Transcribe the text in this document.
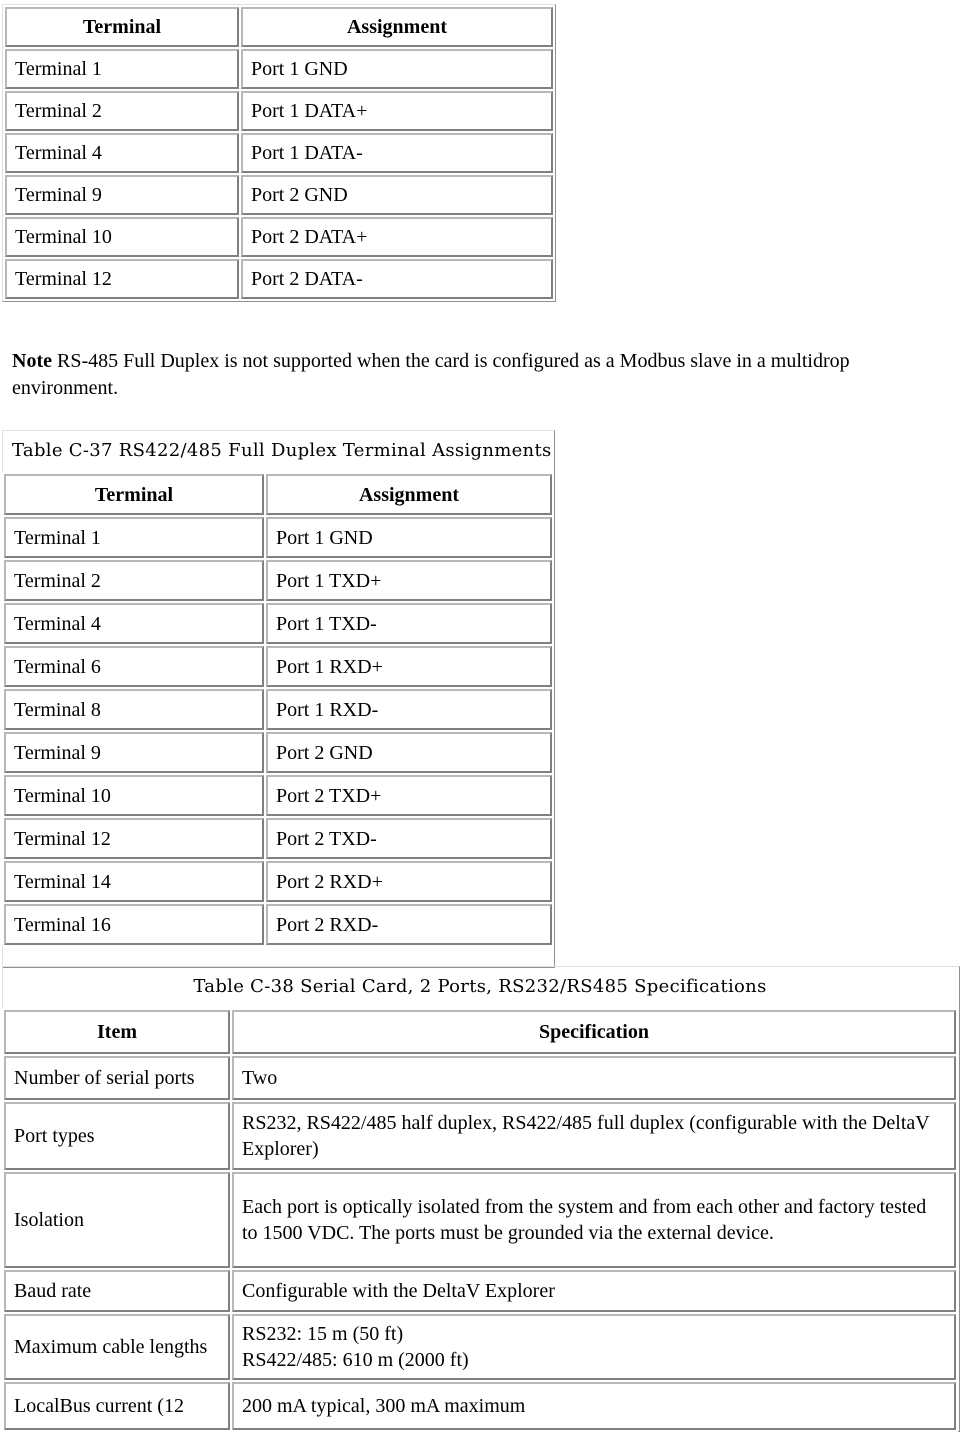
Terminal	Assignment
Terminal 1	Port 1 GND
Terminal 2	Port 1 DATA+
Terminal 4	Port 1 DATA-
Terminal 9	Port 2 GND
Terminal 10	Port 2 DATA+
Terminal 12	Port 2 DATA-
Note RS-485 Full Duplex is not supported when the card is configured as a Modbus slave in a multidrop environment.
Table C-37 RS422/485 Full Duplex Terminal Assignments
Terminal	Assignment
Terminal 1	Port 1 GND
Terminal 2	Port 1 TXD+
Terminal 4	Port 1 TXD-
Terminal 6	Port 1 RXD+
Terminal 8	Port 1 RXD-
Terminal 9	Port 2 GND
Terminal 10	Port 2 TXD+
Terminal 12	Port 2 TXD-
Terminal 14	Port 2 RXD+
Terminal 16	Port 2 RXD-
Table C-38 Serial Card, 2 Ports, RS232/RS485 Specifications
Item	Specification
Number of serial ports	Two
Port types	RS232, RS422/485 half duplex, RS422/485 full duplex (configurable with the DeltaV Explorer)
Isolation	Each port is optically isolated from the system and from each other and factory tested to 1500 VDC. The ports must be grounded via the external device.
Baud rate	Configurable with the DeltaV Explorer
Maximum cable lengths	RS232: 15 m (50 ft)
RS422/485: 610 m (2000 ft)
LocalBus current (12	200 mA typical, 300 mA maximum
